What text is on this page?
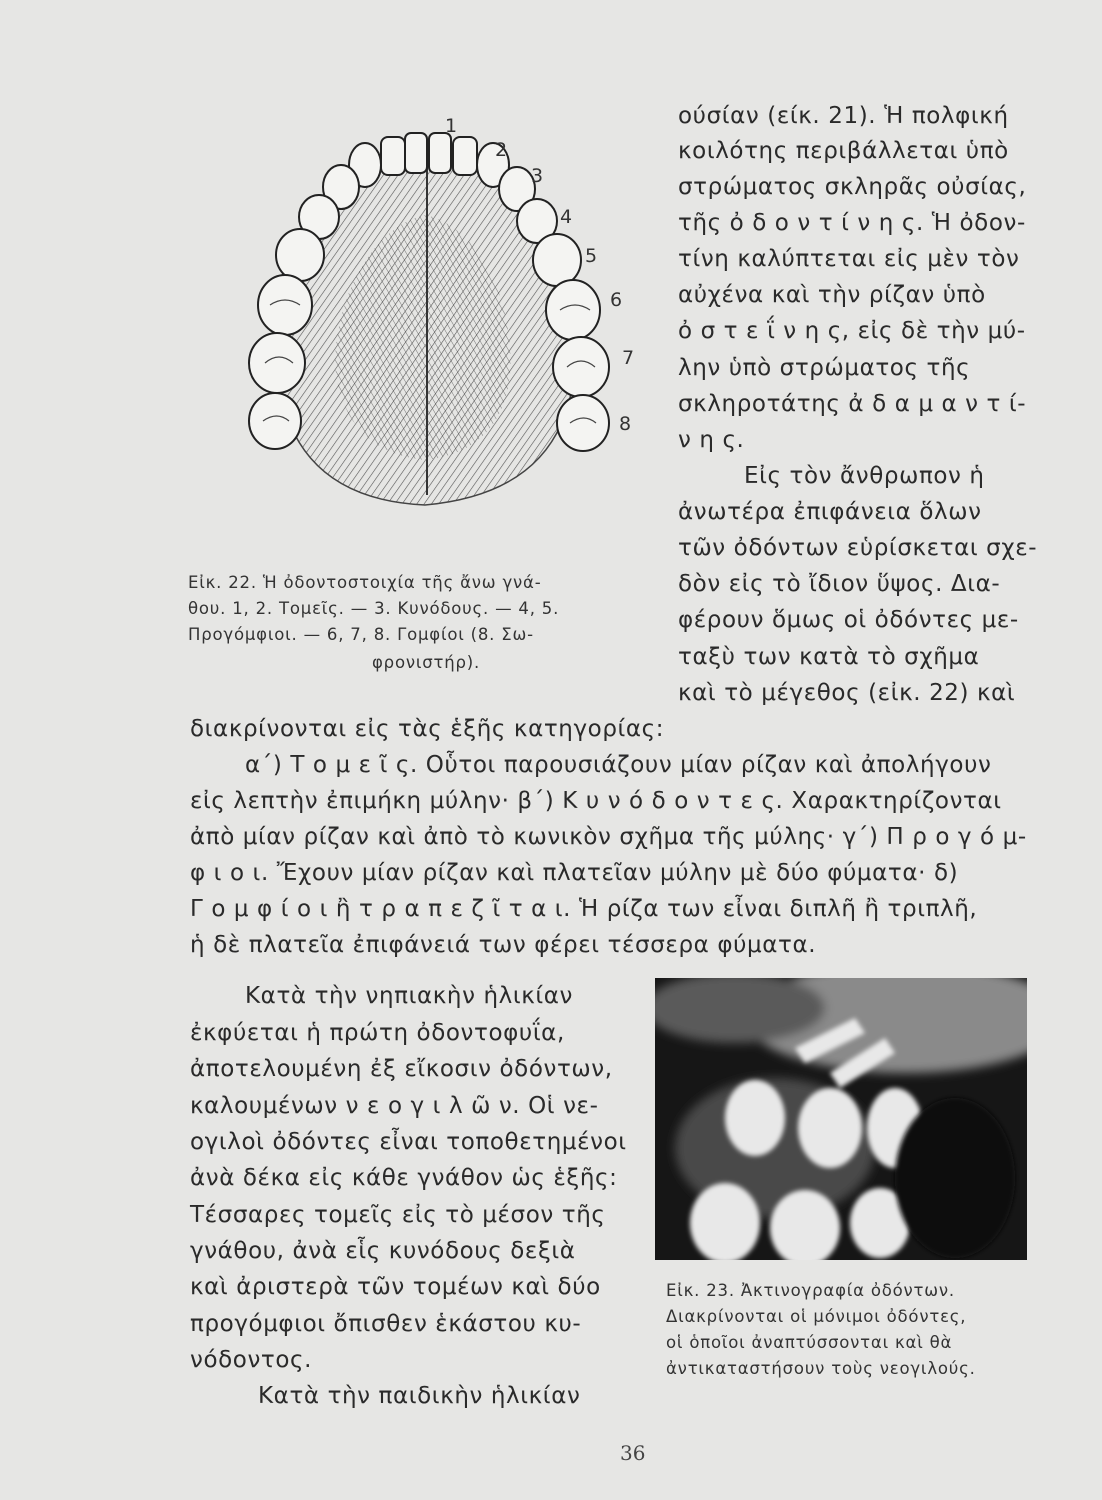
1
2
3
4
5
6
7
8
ούσίαν (είκ. 21). Ἡ πολφική
κοιλότης περιβάλλεται ὑπὸ
στρώματος σκληρᾶς οὐσίας,
τῆς ὀ δ ο ν τ ί ν η ς. Ἡ ὀδον-
τίνη καλύπτεται εἰς μὲν τὸν
αὐχένα καὶ τὴν ρίζαν ὑπὸ
ὀ σ τ ε ΐ ν η ς, εἰς δὲ τὴν μύ-
λην ὑπὸ στρώματος τῆς
σκληροτάτης ἀ δ α μ α ν τ ί-
ν η ς.
Εἰς τὸν ἄνθρωπον ἡ
ἀνωτέρα ἐπιφάνεια ὅλων
τῶν ὀδόντων εὑρίσκεται σχε-
δὸν εἰς τὸ ἴδιον ὕψος. Δια-
φέρουν ὅμως οἱ ὀδόντες με-
ταξὺ των κατὰ τὸ σχῆμα
καὶ τὸ μέγεθος (εἰκ. 22) καὶ
Εἰκ. 22. Ἡ ὀδοντοστοιχία τῆς ἄνω γνά-
θου. 1, 2. Τομεῖς. — 3. Κυνόδους. — 4, 5.
Προγόμφιοι. — 6, 7, 8. Γομφίοι (8. Σω-
φρονιστήρ).
διακρίνονται εἰς τὰς ἑξῆς κατηγορίας:
α΄) Τ ο μ ε ῖ ς. Οὗτοι παρουσιάζουν μίαν ρίζαν καὶ ἀπολήγουν
εἰς λεπτὴν ἐπιμήκη μύλην· β΄) Κ υ ν ό δ ο ν τ ε ς. Χαρακτηρίζονται
ἀπὸ μίαν ρίζαν καὶ ἀπὸ τὸ κωνικὸν σχῆμα τῆς μύλης· γ΄) Π ρ ο γ ό μ-
φ ι ο ι. Ἔχουν μίαν ρίζαν καὶ πλατεῖαν μύλην μὲ δύο φύματα· δ)
Γ ο μ φ ί ο ι ἢ τ ρ α π ε ζ ῖ τ α ι. Ἡ ρίζα των εἶναι διπλῆ ἢ τριπλῆ,
ἡ δὲ πλατεῖα ἐπιφάνειά των φέρει τέσσερα φύματα.
Κατὰ τὴν νηπιακὴν ἡλικίαν
ἐκφύεται ἡ πρώτη ὀδοντοφυΐα,
ἀποτελουμένη ἐξ εἴκοσιν ὀδόντων,
καλουμένων ν ε ο γ ι λ ῶ ν. Οἱ νε-
ογιλοὶ ὀδόντες εἶναι τοποθετημένοι
ἀνὰ δέκα εἰς κάθε γνάθον ὡς ἑξῆς:
Τέσσαρες τομεῖς εἰς τὸ μέσον τῆς
γνάθου, ἀνὰ εἷς κυνόδους δεξιὰ
καὶ ἀριστερὰ τῶν τομέων καὶ δύο
προγόμφιοι ὄπισθεν ἑκάστου κυ-
νόδοντος.
Κατὰ τὴν παιδικὴν ἡλικίαν
Εἰκ. 23. Ἀκτινογραφία ὀδόντων.
Διακρίνονται οἱ μόνιμοι ὀδόντες,
οἱ ὁποῖοι ἀναπτύσσονται καὶ θὰ
ἀντικαταστήσουν τοὺς νεογιλούς.
36
